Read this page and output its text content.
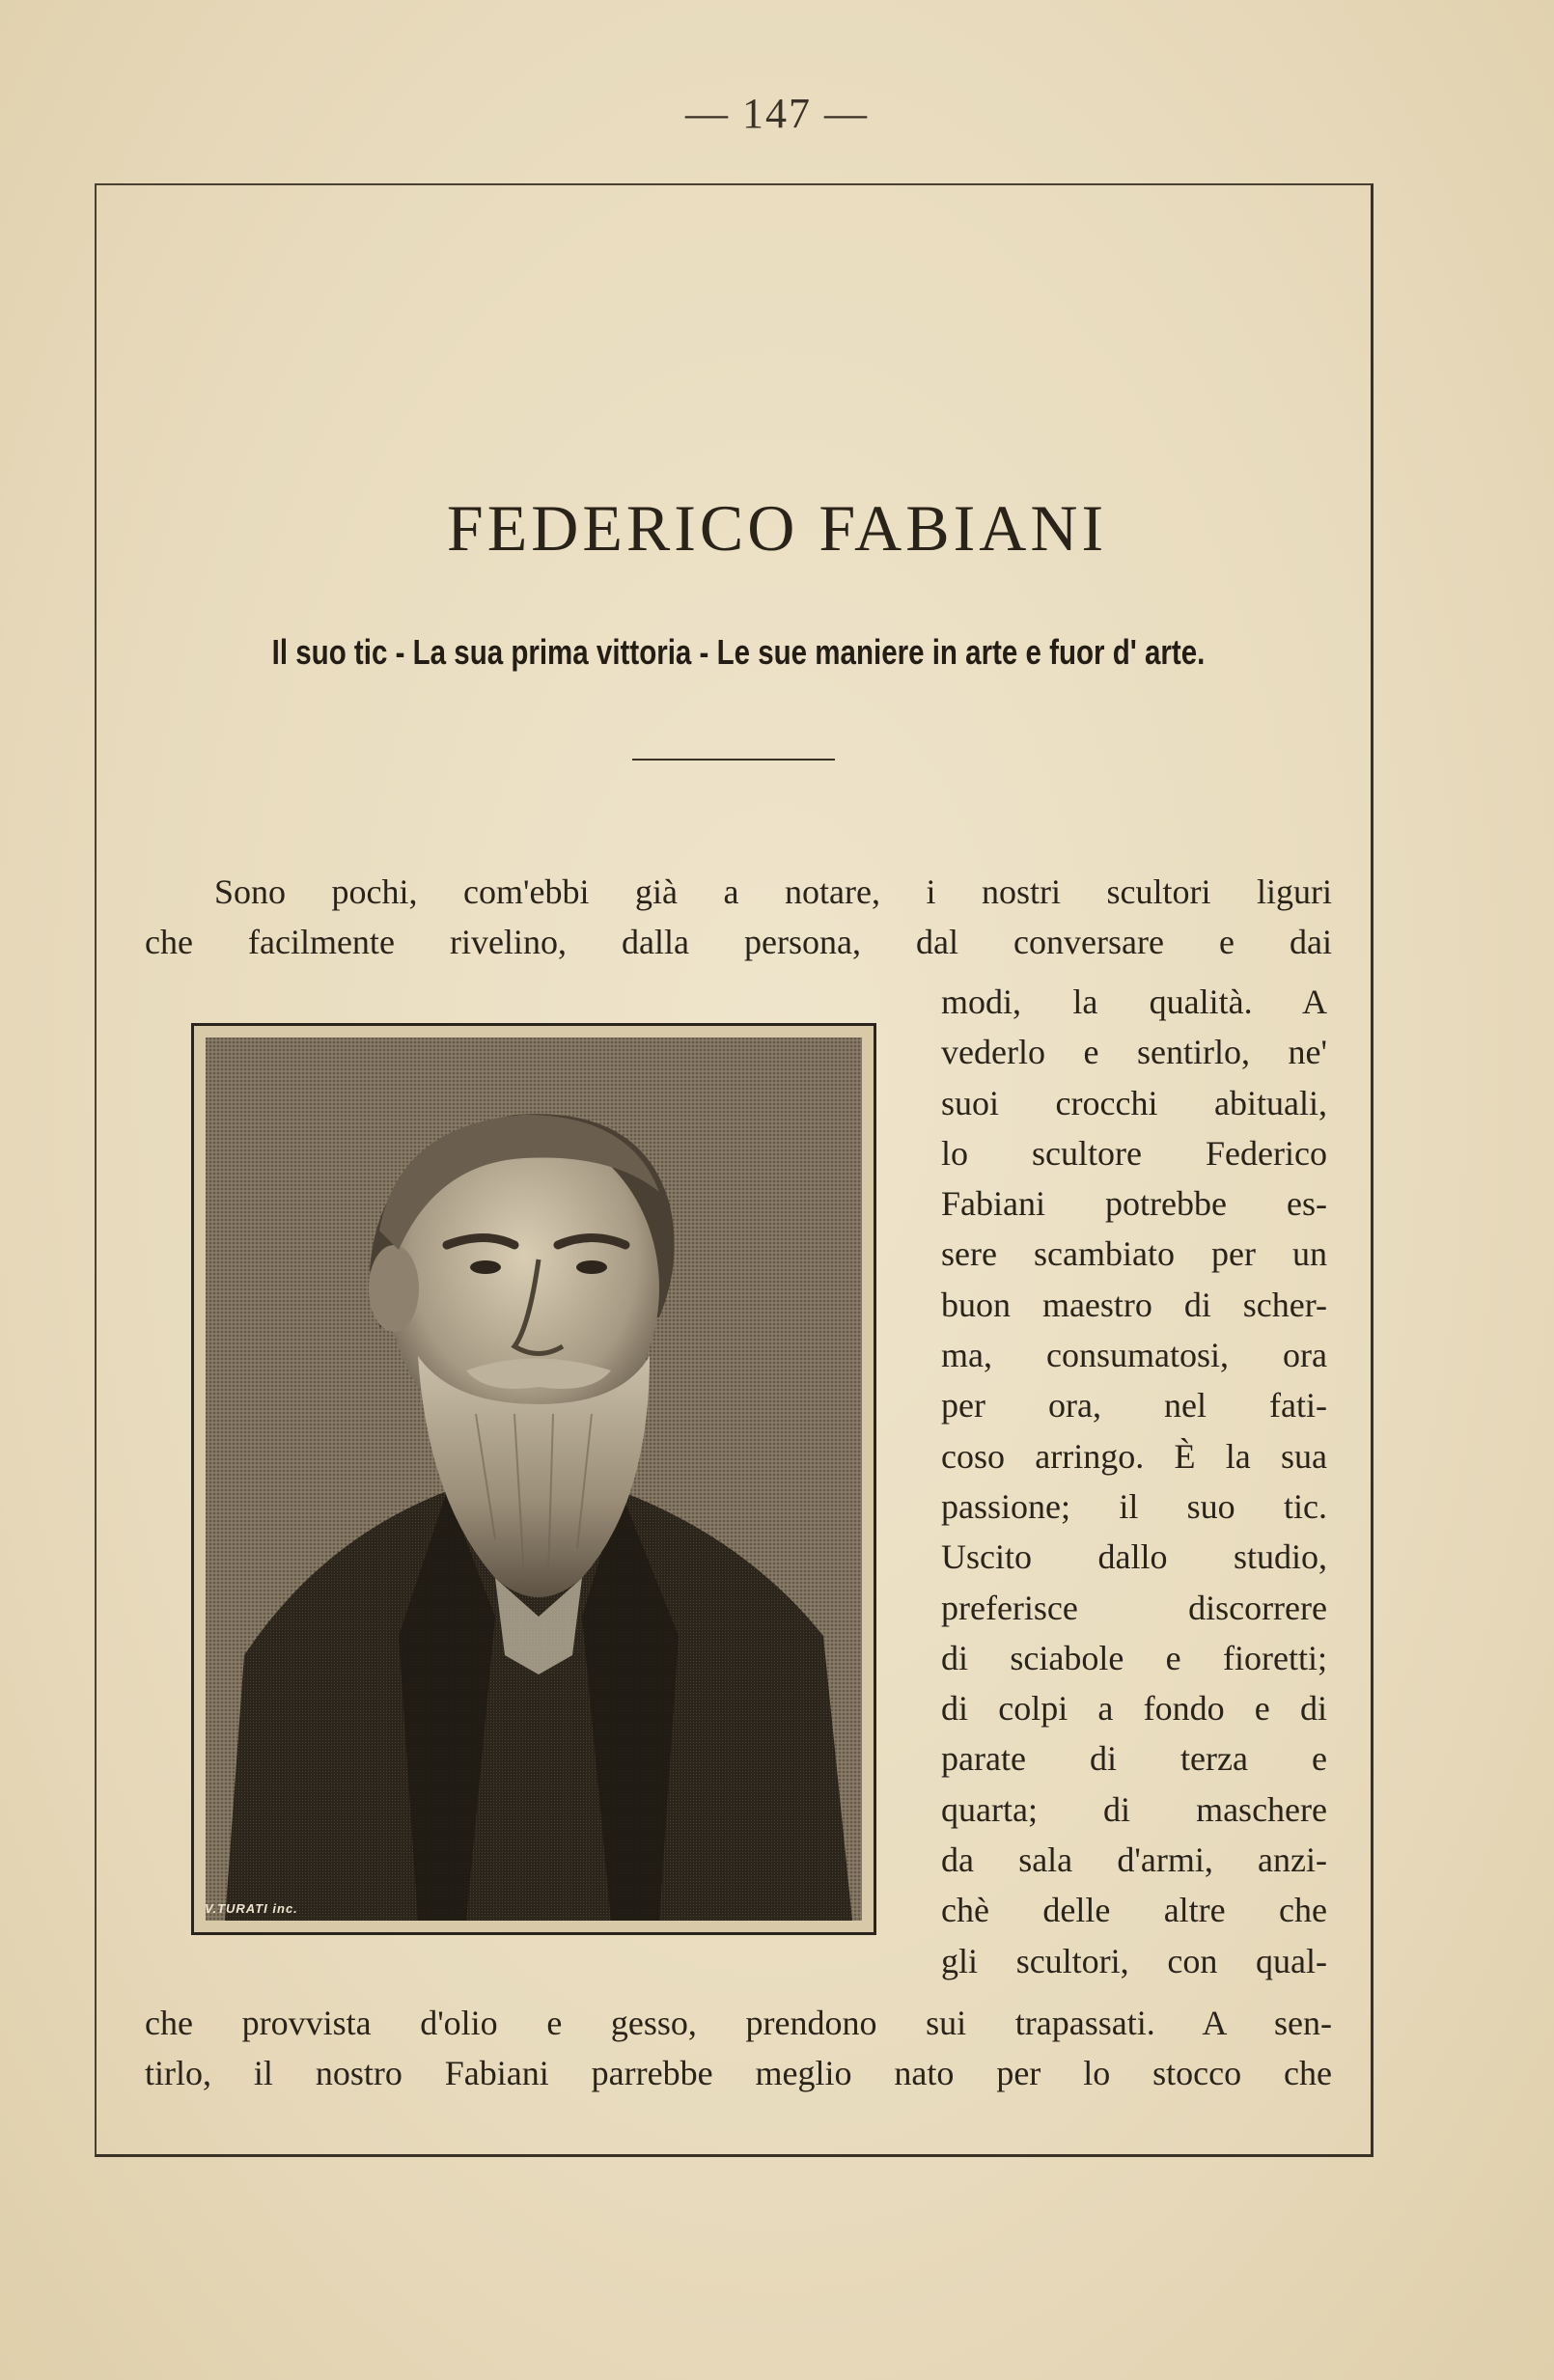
— 147 —
FEDERICO FABIANI
Il suo tic - La sua prima vittoria - Le sue maniere in arte e fuor d' arte.
Sono pochi, com'ebbi già a notare, i nostri scultori liguri
che facilmente rivelino, dalla persona, dal conversare e dai
modi, la qualità. A
vederlo e sentirlo, ne'
suoi crocchi abituali,
lo scultore Federico
Fabiani potrebbe es-
sere scambiato per un
buon maestro di scher-
ma, consumatosi, ora
per ora, nel fati-
coso arringo. È la sua
passione; il suo tic.
Uscito dallo studio,
preferisce discorrere
di sciabole e fioretti;
di colpi a fondo e di
parate di terza e
quarta; di maschere
da sala d'armi, anzi-
chè delle altre che
gli scultori, con qual-
che provvista d'olio e gesso, prendono sui trapassati. A sen-
tirlo, il nostro Fabiani parrebbe meglio nato per lo stocco che
V.TURATI inc.
